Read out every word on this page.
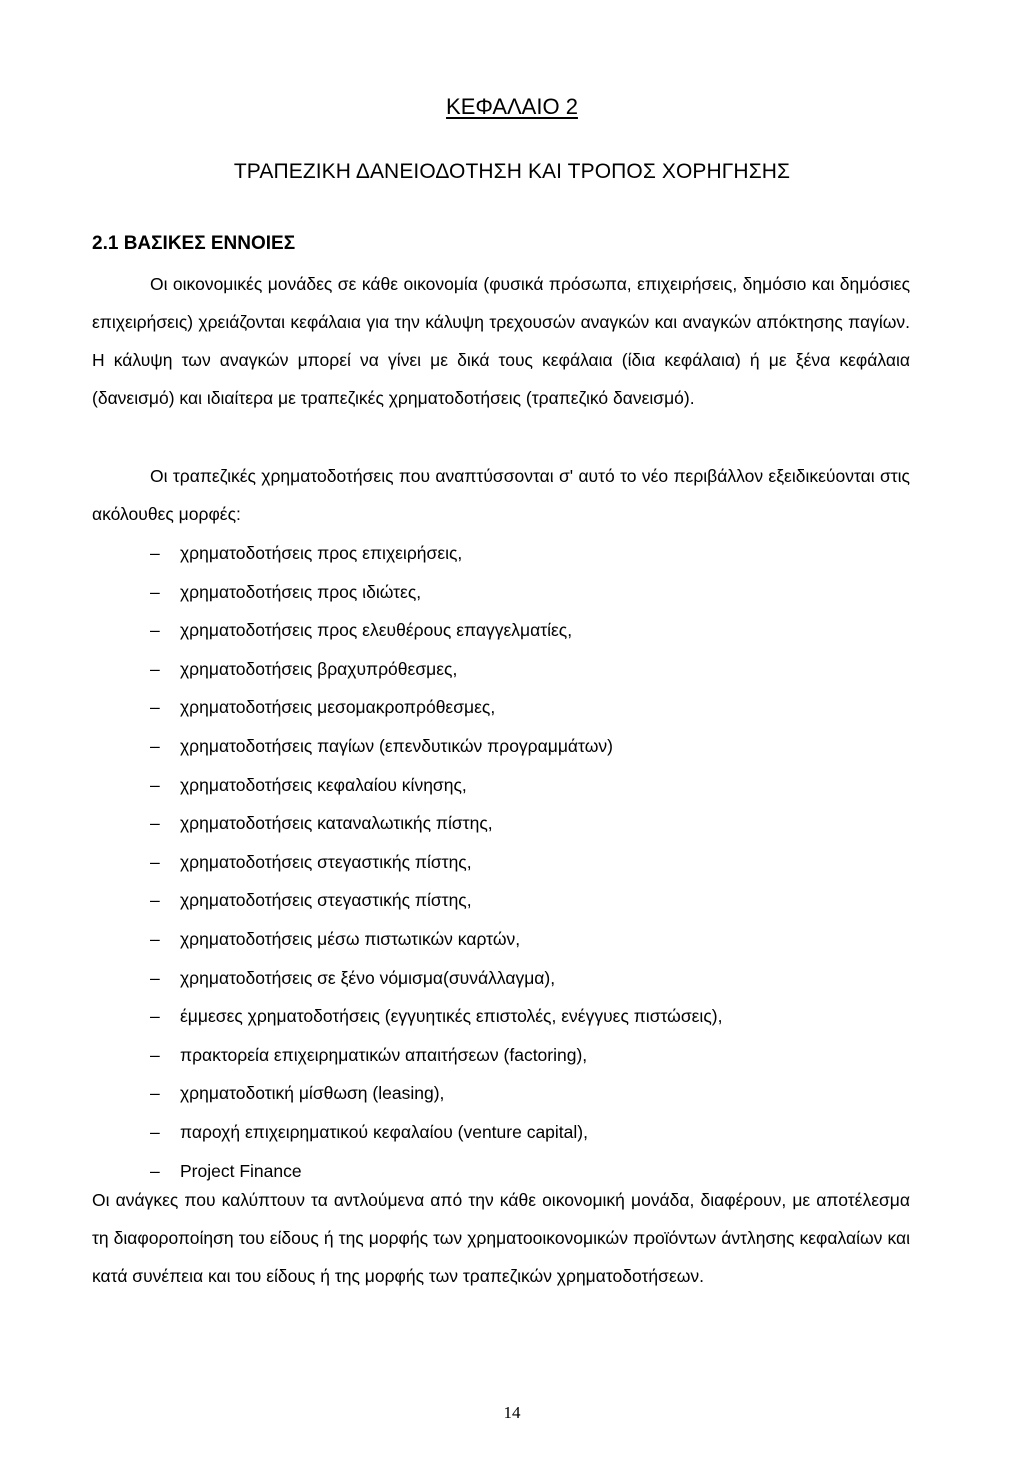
ΚΕΦΑΛΑΙΟ 2
ΤΡΑΠΕΖΙΚΗ ΔΑΝΕΙΟΔΟΤΗΣΗ ΚΑΙ ΤΡΟΠΟΣ ΧΟΡΗΓΗΣΗΣ
2.1 ΒΑΣΙΚΕΣ ΕΝΝΟΙΕΣ

Οι οικονομικές μονάδες σε κάθε οικονομία (φυσικά πρόσωπα, επιχειρήσεις, δημόσιο και δημόσιες επιχειρήσεις) χρειάζονται κεφάλαια για την κάλυψη τρεχουσών αναγκών και αναγκών απόκτησης παγίων. Η κάλυψη των αναγκών μπορεί να γίνει με δικά τους κεφάλαια (ίδια κεφάλαια) ή με ξένα κεφάλαια (δανεισμό) και ιδιαίτερα με τραπεζικές χρηματοδοτήσεις (τραπεζικό δανεισμό).

Οι τραπεζικές χρηματοδοτήσεις που αναπτύσσονται σ' αυτό το νέο περιβάλλον εξειδικεύονται στις ακόλουθες μορφές:

– χρηματοδοτήσεις προς επιχειρήσεις,
– χρηματοδοτήσεις προς ιδιώτες,
– χρηματοδοτήσεις προς ελευθέρους επαγγελματίες,
– χρηματοδοτήσεις βραχυπρόθεσμες,
– χρηματοδοτήσεις μεσομακροπρόθεσμες,
– χρηματοδοτήσεις παγίων (επενδυτικών προγραμμάτων)
– χρηματοδοτήσεις κεφαλαίου κίνησης,
– χρηματοδοτήσεις καταναλωτικής πίστης,
– χρηματοδοτήσεις στεγαστικής πίστης,
– χρηματοδοτήσεις στεγαστικής πίστης,
– χρηματοδοτήσεις μέσω πιστωτικών καρτών,
– χρηματοδοτήσεις σε ξένο νόμισμα(συνάλλαγμα),
– έμμεσες χρηματοδοτήσεις (εγγυητικές επιστολές, ενέγγυες πιστώσεις),
– πρακτορεία επιχειρηματικών απαιτήσεων (factoring),
– χρηματοδοτική μίσθωση (leasing),
– παροχή επιχειρηματικού κεφαλαίου (venture capital),
– Project Finance

Οι ανάγκες που καλύπτουν τα αντλούμενα από την κάθε οικονομική μονάδα, διαφέρουν, με αποτέλεσμα τη διαφοροποίηση του είδους ή της μορφής των χρηματοοικονομικών προϊόντων άντλησης κεφαλαίων και κατά συνέπεια και του είδους ή της μορφής των τραπεζικών χρηματοδοτήσεων.

14
